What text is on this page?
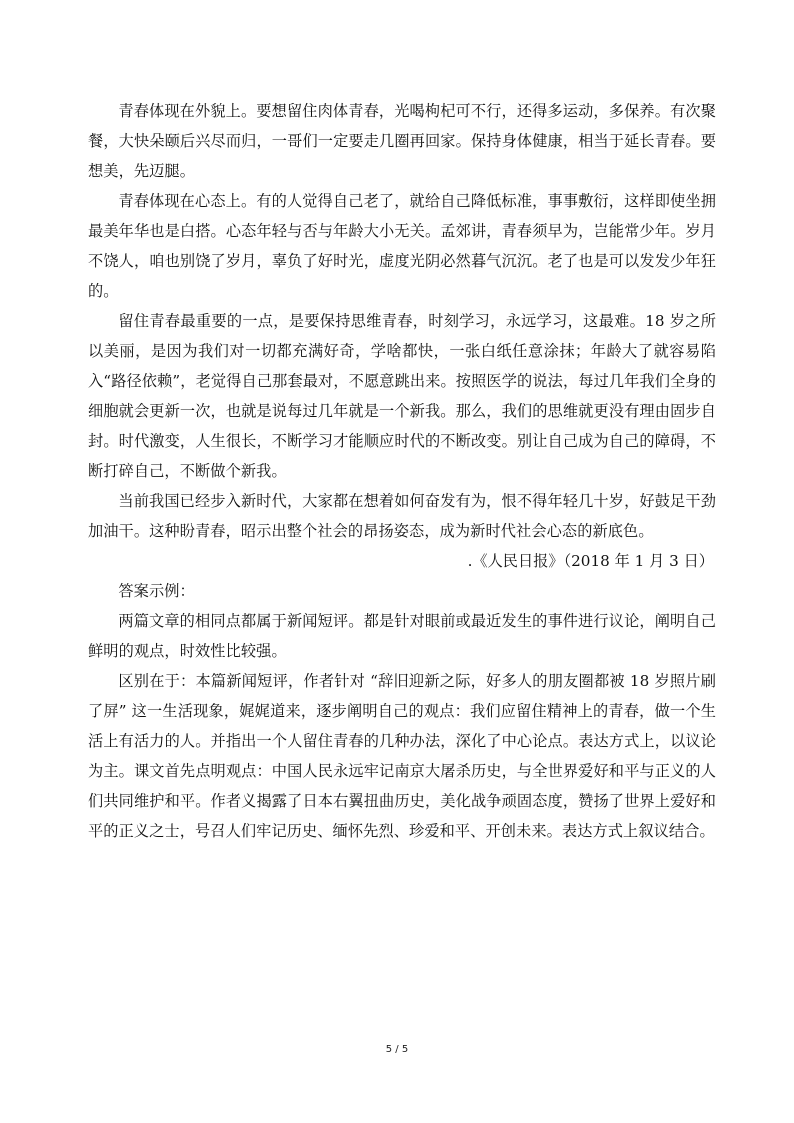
青春体现在外貌上。要想留住肉体青春，光喝枸杞可不行，还得多运动，多保养。有次聚餐，大快朵颐后兴尽而归，一哥们一定要走几圈再回家。保持身体健康，相当于延长青春。要想美，先迈腿。

青春体现在心态上。有的人觉得自己老了，就给自己降低标准，事事敷衍，这样即使坐拥最美年华也是白搭。心态年轻与否与年龄大小无关。孟郊讲，青春须早为，岂能常少年。岁月不饶人，咱也别饶了岁月，辜负了好时光，虚度光阴必然暮气沉沉。老了也是可以发发少年狂的。

留住青春最重要的一点，是要保持思维青春，时刻学习，永远学习，这最难。18 岁之所以美丽，是因为我们对一切都充满好奇，学啥都快，一张白纸任意涂抹；年龄大了就容易陷入“路径依赖”，老觉得自己那套最对，不愿意跳出来。按照医学的说法，每过几年我们全身的细胞就会更新一次，也就是说每过几年就是一个新我。那么，我们的思维就更没有理由固步自封。时代激变，人生很长，不断学习才能顺应时代的不断改变。别让自己成为自己的障碍，不断打碎自己，不断做个新我。

当前我国已经步入新时代，大家都在想着如何奋发有为，恨不得年轻几十岁，好鼓足干劲加油干。这种盼青春，昭示出整个社会的昂扬姿态，成为新时代社会心态的新底色。

.《人民日报》（2018 年 1 月 3 日）

答案示例：

两篇文章的相同点都属于新闻短评。都是针对眼前或最近发生的事件进行议论，阐明自己鲜明的观点，时效性比较强。

区别在于：本篇新闻短评，作者针对 “辞旧迎新之际，好多人的朋友圈都被 18 岁照片刷了屏” 这一生活现象，娓娓道来，逐步阐明自己的观点：我们应留住精神上的青春，做一个生活上有活力的人。并指出一个人留住青春的几种办法，深化了中心论点。表达方式上，以议论为主。课文首先点明观点：中国人民永远牢记南京大屠杀历史，与全世界爱好和平与正义的人们共同维护和平。作者义揭露了日本右翼扭曲历史，美化战争顽固态度，赞扬了世界上爱好和平的正义之士，号召人们牢记历史、缅怀先烈、珍爱和平、开创未来。表达方式上叙议结合。

5 / 5
